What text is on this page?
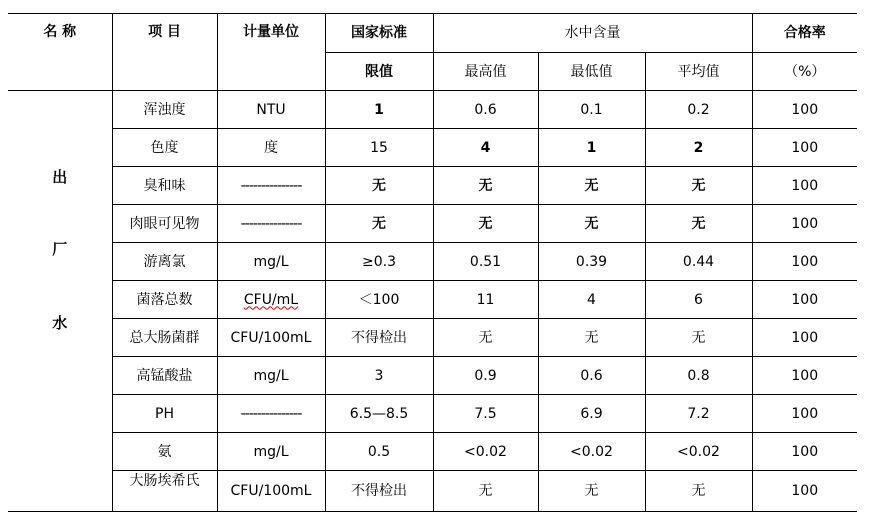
名 称	项 目	计量单位	国家标准	水中含量			合格率
			限值	最高值	最低值	平均值	（%）

出
厂
水	浑浊度	NTU	1	0.6	0.1	0.2	100
	色度	度	15	4	1	2	100
	臭和味	---------------	无	无	无	无	100
	肉眼可见物	---------------	无	无	无	无	100
	游离氯	mg/L	≥0.3	0.51	0.39	0.44	100
	菌落总数	CFU/mL	＜100	11	4	6	100
	总大肠菌群	CFU/100mL	不得检出	无	无	无	100
	高锰酸盐	mg/L	3	0.9	0.6	0.8	100
	PH	---------------	6.5—8.5	7.5	6.9	7.2	100
	氨	mg/L	0.5	<0.02	<0.02	<0.02	100
	大肠埃希氏	CFU/100mL	不得检出	无	无	无	100
